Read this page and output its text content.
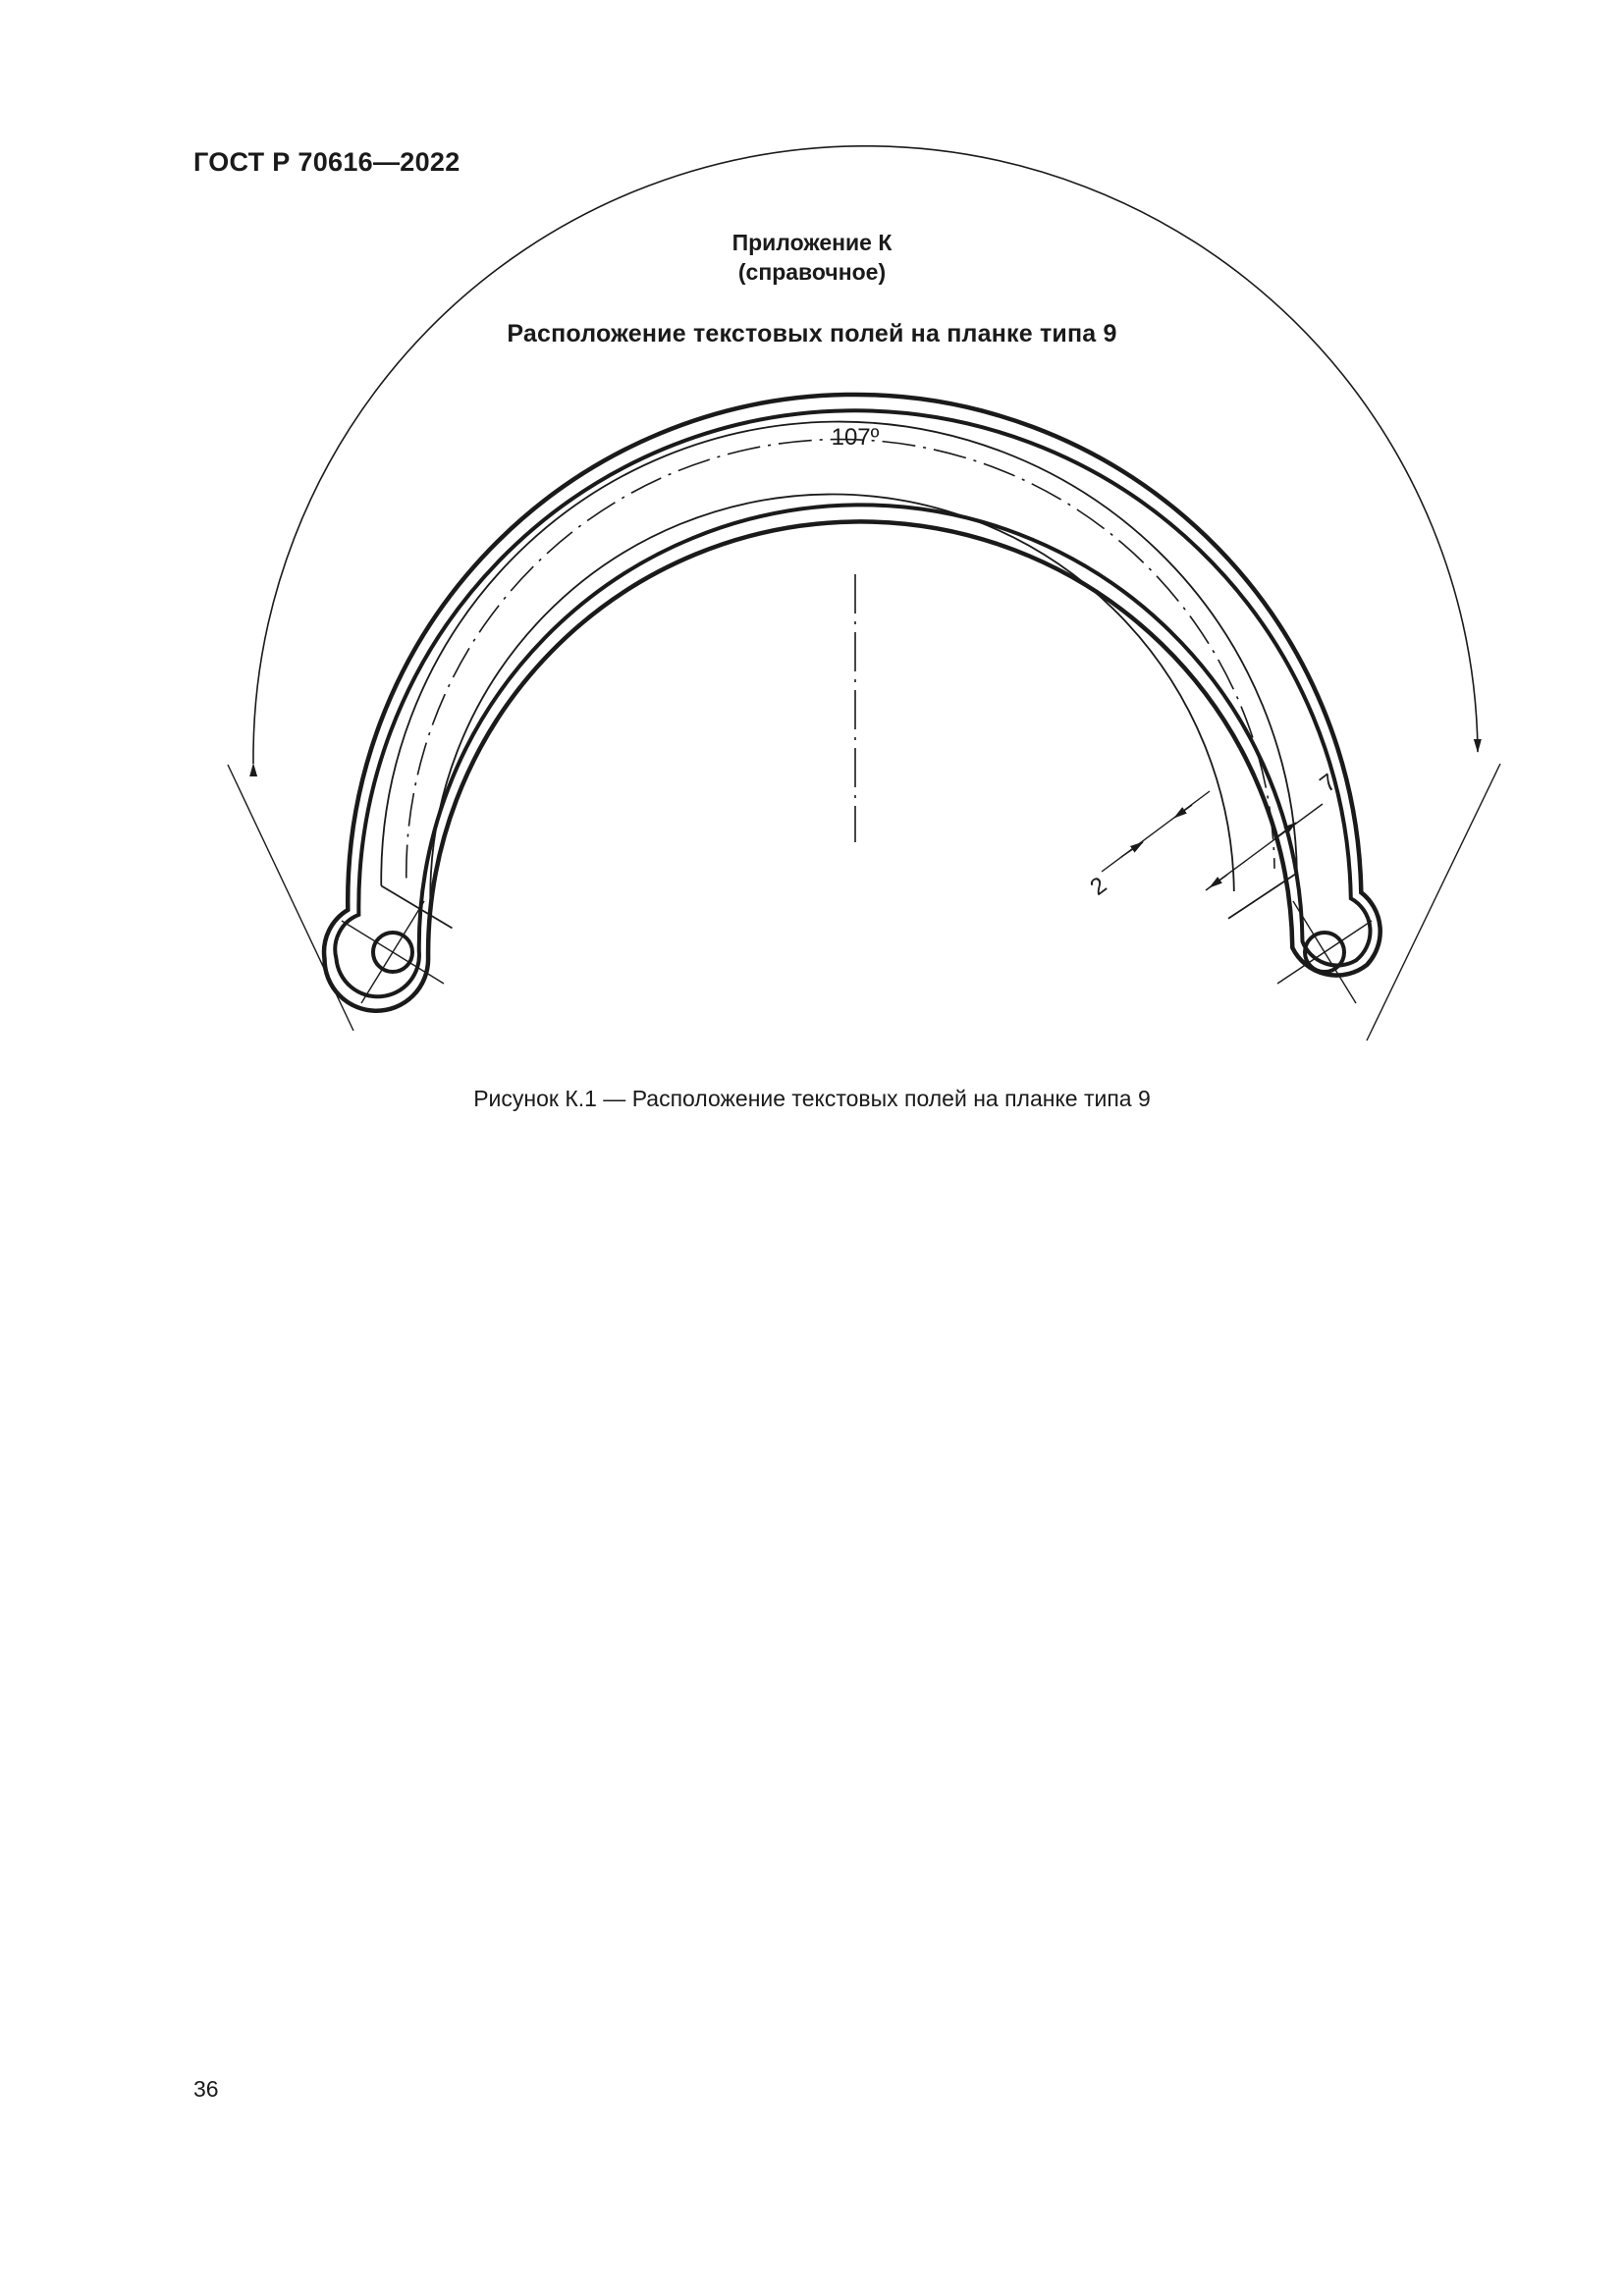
ГОСТ Р 70616—2022
Приложение К
(справочное)
Расположение текстовых полей на планке типа 9
107º
7
2
Рисунок К.1 — Расположение текстовых полей на планке типа 9
36
